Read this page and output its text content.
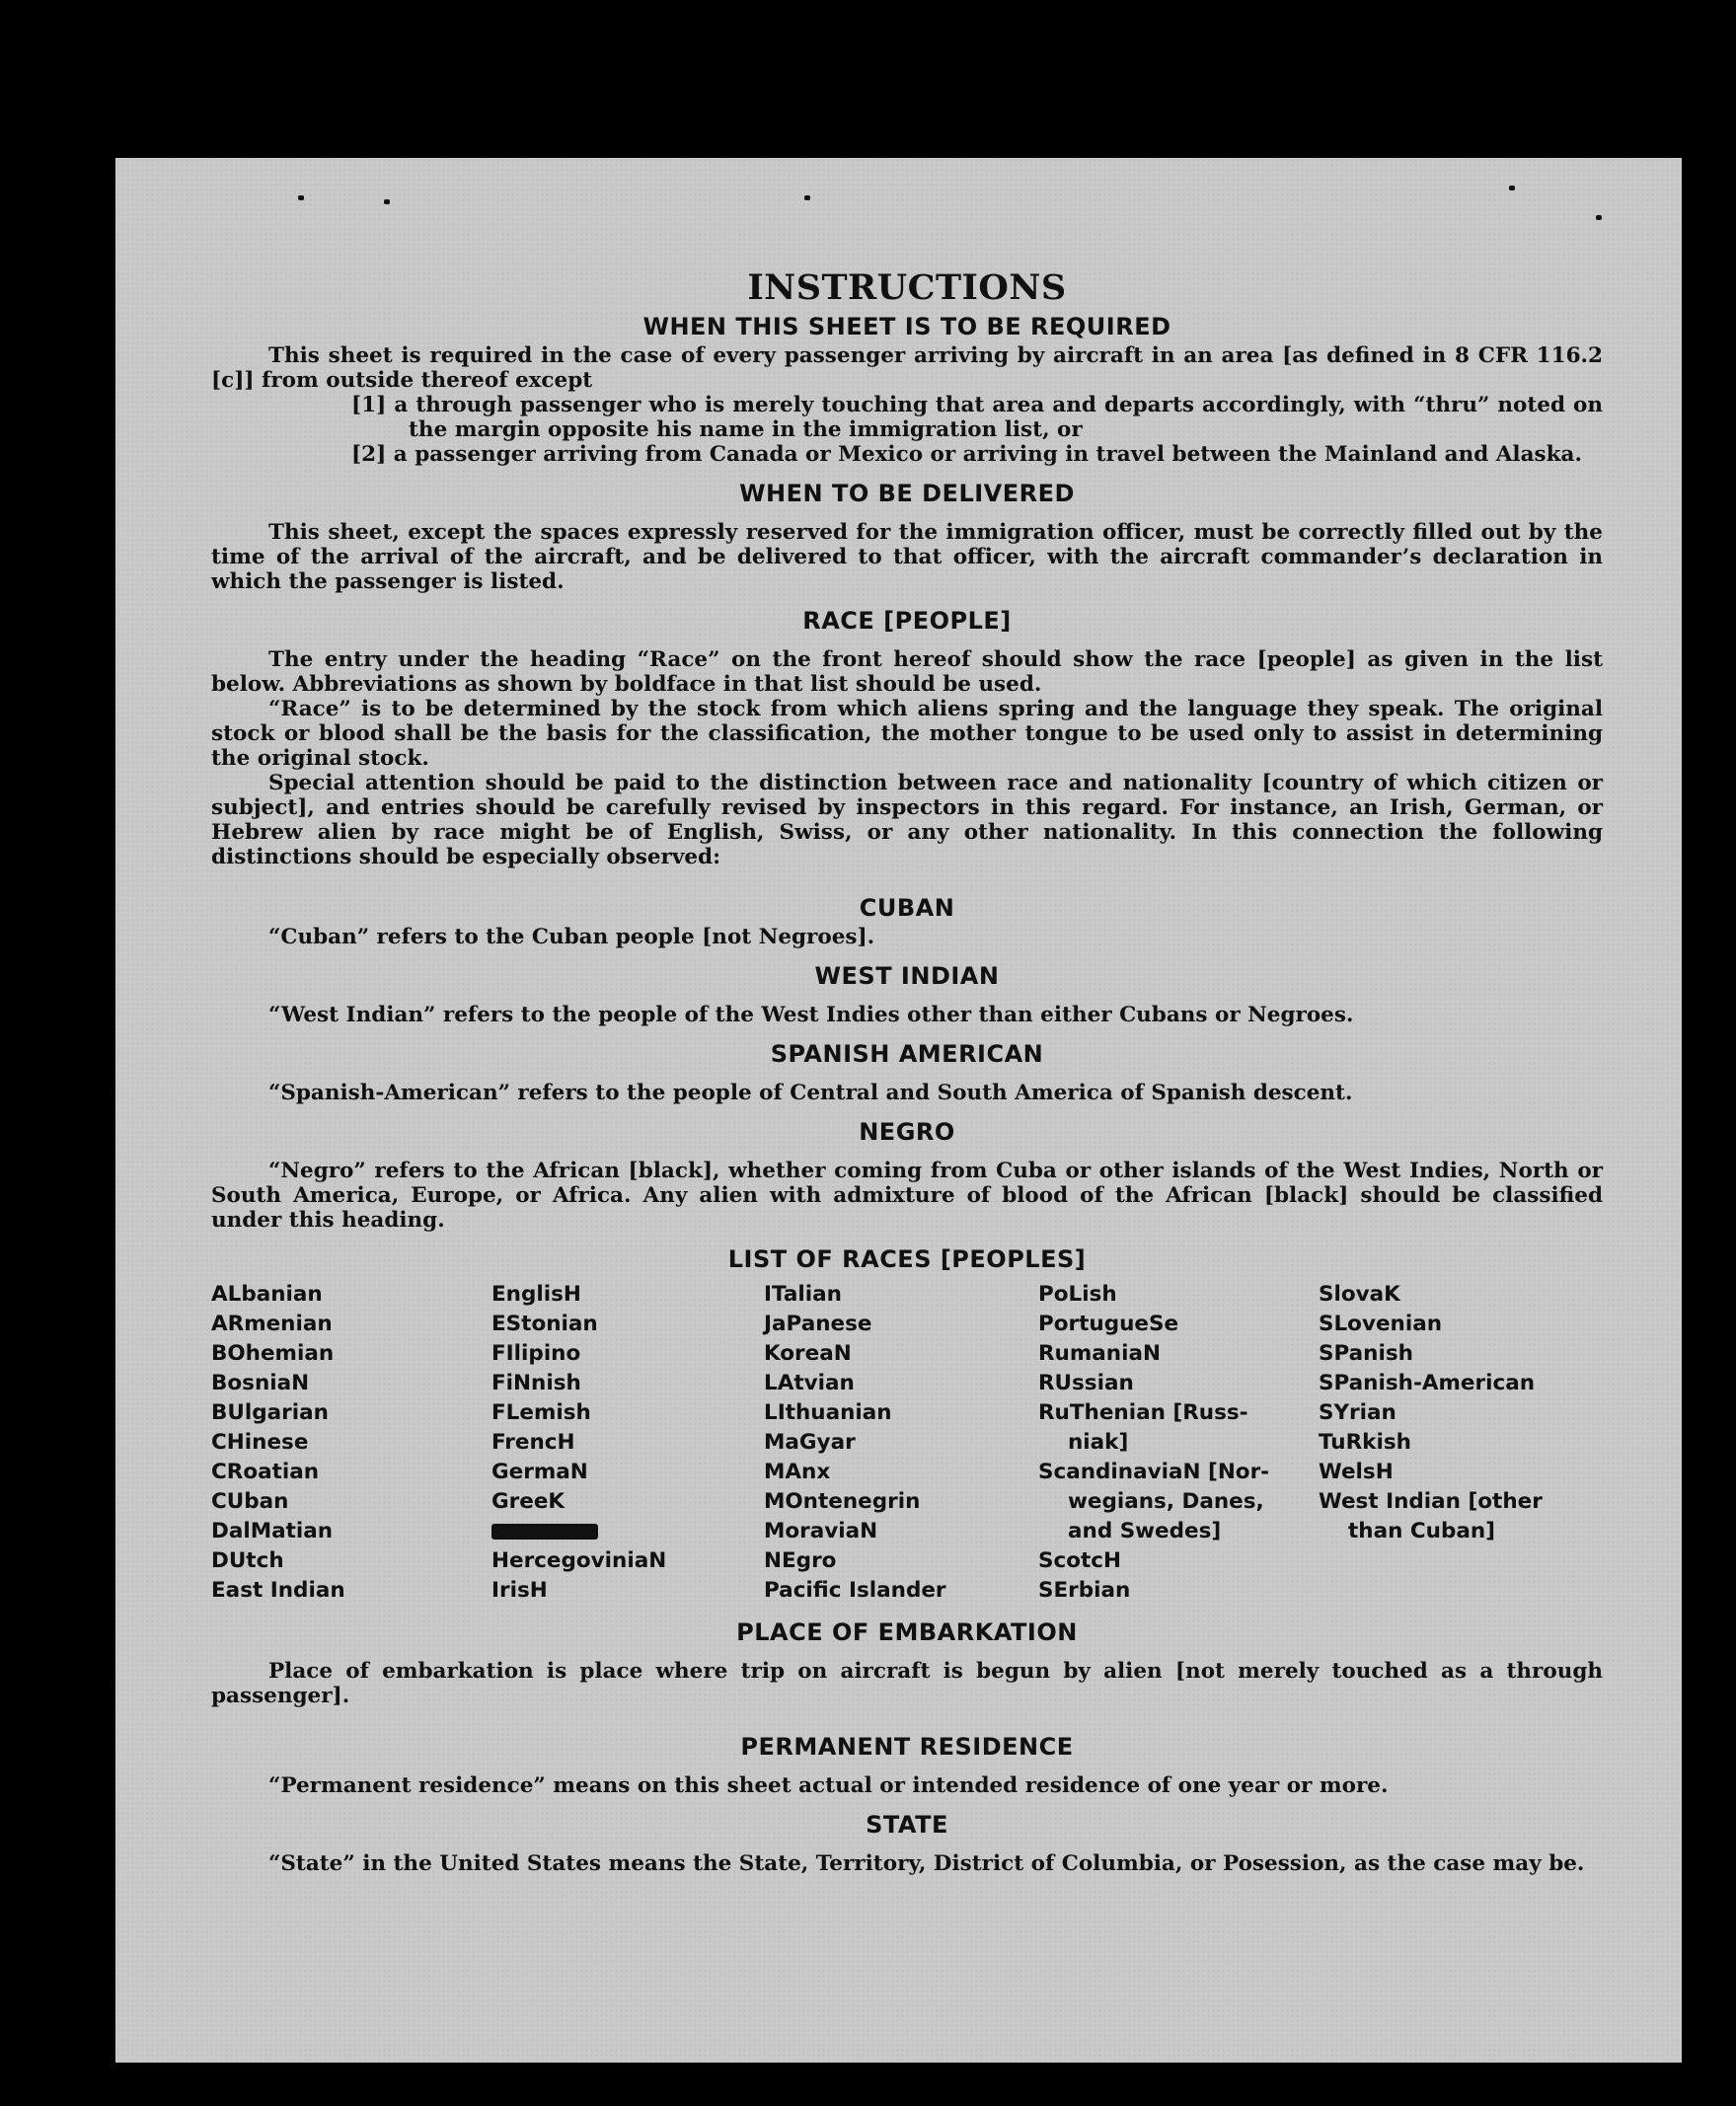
INSTRUCTIONS
WHEN THIS SHEET IS TO BE REQUIRED

This sheet is required in the case of every passenger arriving by aircraft in an area [as defined in 8 CFR 116.2 [c]] from outside thereof except

[1] a through passenger who is merely touching that area and departs accordingly, with “thru” noted on the margin opposite his name in the immigration list, or

[2] a passenger arriving from Canada or Mexico or arriving in travel between the Mainland and Alaska.

WHEN TO BE DELIVERED

This sheet, except the spaces expressly reserved for the immigration officer, must be correctly filled out by the time of the arrival of the aircraft, and be delivered to that officer, with the aircraft commander’s declaration in which the passenger is listed.

RACE [PEOPLE]

The entry under the heading “Race” on the front hereof should show the race [people] as given in the list below. Abbreviations as shown by boldface in that list should be used.

“Race” is to be determined by the stock from which aliens spring and the language they speak. The original stock or blood shall be the basis for the classification, the mother tongue to be used only to assist in determining the original stock.

Special attention should be paid to the distinction between race and nationality [country of which citizen or subject], and entries should be carefully revised by inspectors in this regard. For instance, an Irish, German, or Hebrew alien by race might be of English, Swiss, or any other nationality. In this connection the following distinctions should be especially observed:

CUBAN

“Cuban” refers to the Cuban people [not Negroes].

WEST INDIAN

“West Indian” refers to the people of the West Indies other than either Cubans or Negroes.

SPANISH AMERICAN

“Spanish-American” refers to the people of Central and South America of Spanish descent.

NEGRO

“Negro” refers to the African [black], whether coming from Cuba or other islands of the West Indies, North or South America, Europe, or Africa. Any alien with admixture of blood of the African [black] should be classified under this heading.

LIST OF RACES [PEOPLES]
ALbanian
ARmenian
BOhemian
BosniaN
BUlgarian
CHinese
CRoatian
CUban
DalMatian
DUtch
East Indian
EnglisH
EStonian
FIlipino
FiNnish
FLemish
FrencH
GermaN
GreeK
HercegoviniaN
IrisH
ITalian
JaPanese
KoreaN
LAtvian
LIthuanian
MaGyar
MAnx
MOntenegrin
MoraviaN
NEgro
Pacific Islander
PoLish
PortugueSe
RumaniaN
RUssian
RuThenian [Russ-
niak]
ScandinaviaN [Nor-
wegians, Danes,
and Swedes]
ScotcH
SErbian
SlovaK
SLovenian
SPanish
SPanish-American
SYrian
TuRkish
WelsH
West Indian [other
than Cuban]
PLACE OF EMBARKATION

Place of embarkation is place where trip on aircraft is begun by alien [not merely touched as a through passenger].

PERMANENT RESIDENCE

“Permanent residence” means on this sheet actual or intended residence of one year or more.

STATE

“State” in the United States means the State, Territory, District of Columbia, or Posession, as the case may be.
